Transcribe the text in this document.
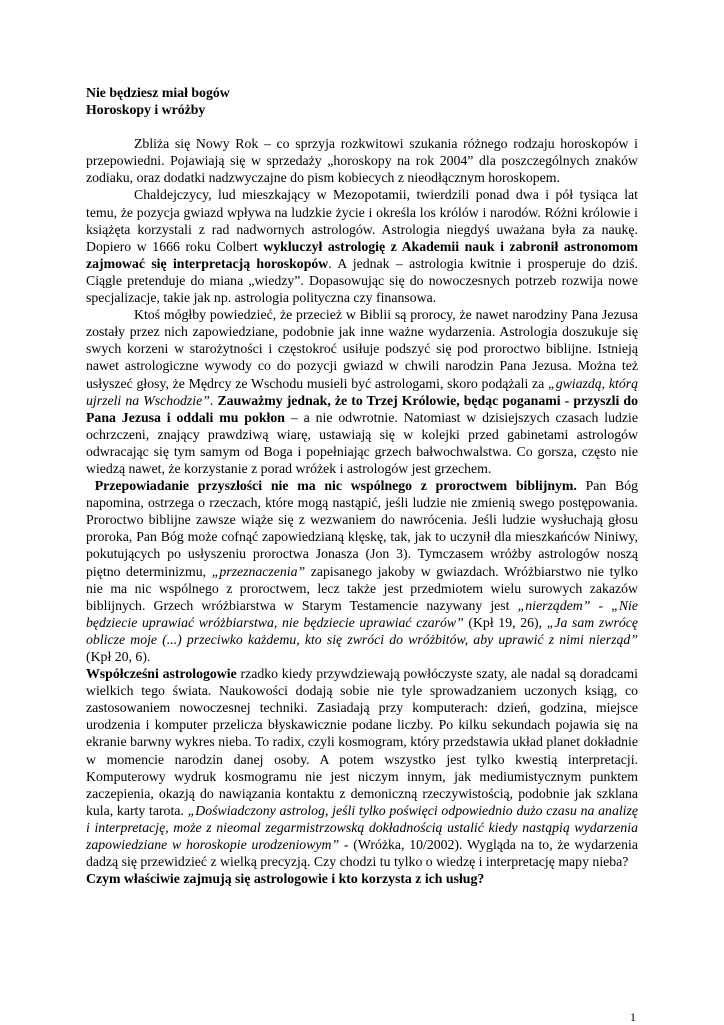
Nie będziesz miał bogów

Horoskopy i wróżby

Zbliża się Nowy Rok – co sprzyja rozkwitowi szukania różnego rodzaju horoskopów i przepowiedni. Pojawiają się w sprzedaży „horoskopy na rok 2004” dla poszczególnych znaków zodiaku, oraz dodatki nadzwyczajne do pism kobiecych z nieodłącznym horoskopem.

Chaldejczycy, lud mieszkający w Mezopotamii, twierdzili ponad dwa i pół tysiąca lat temu, że pozycja gwiazd wpływa na ludzkie życie i określa los królów i narodów. Różni królowie i książęta korzystali z rad nadwornych astrologów. Astrologia niegdyś uważana była za naukę. Dopiero w 1666 roku Colbert wykluczył astrologię z Akademii nauk i zabronił astronomom zajmować się interpretacją horoskopów. A jednak – astrologia kwitnie i prosperuje do dziś. Ciągle pretenduje do miana „wiedzy”. Dopasowując się do nowoczesnych potrzeb rozwija nowe specjalizacje, takie jak np. astrologia polityczna czy finansowa.

Ktoś mógłby powiedzieć, że przecież w Biblii są prorocy, że nawet narodziny Pana Jezusa zostały przez nich zapowiedziane, podobnie jak inne ważne wydarzenia. Astrologia doszukuje się swych korzeni w starożytności i częstokroć usiłuje podszyć się pod proroctwo biblijne. Istnieją nawet astrologiczne wywody co do pozycji gwiazd w chwili narodzin Pana Jezusa. Można też usłyszeć głosy, że Mędrcy ze Wschodu musieli być astrologami, skoro podążali za „gwiazdą, którą ujrzeli na Wschodzie”. Zauważmy jednak, że to Trzej Królowie, będąc poganami - przyszli do Pana Jezusa i oddali mu pokłon – a nie odwrotnie. Natomiast w dzisiejszych czasach ludzie ochrzczeni, znający prawdziwą wiarę, ustawiają się w kolejki przed gabinetami astrologów odwracając się tym samym od Boga i popełniając grzech bałwochwalstwa. Co gorsza, często nie wiedzą nawet, że korzystanie z porad wróżek i astrologów jest grzechem.

Przepowiadanie przyszłości nie ma nic wspólnego z proroctwem biblijnym. Pan Bóg napomina, ostrzega o rzeczach, które mogą nastąpić, jeśli ludzie nie zmienią swego postępowania. Proroctwo biblijne zawsze wiąże się z wezwaniem do nawrócenia. Jeśli ludzie wysłuchają głosu proroka, Pan Bóg może cofnąć zapowiedzianą klęskę, tak, jak to uczynił dla mieszkańców Niniwy, pokutujących po usłyszeniu proroctwa Jonasza (Jon 3). Tymczasem wróżby astrologów noszą piętno determinizmu, „przeznaczenia” zapisanego jakoby w gwiazdach. Wróżbiarstwo nie tylko nie ma nic wspólnego z proroctwem, lecz także jest przedmiotem wielu surowych zakazów biblijnych. Grzech wróżbiarstwa w Starym Testamencie nazywany jest „nierządem” - „Nie będziecie uprawiać wróżbiarstwa, nie będziecie uprawiać czarów” (Kpł 19, 26), „Ja sam zwrócę oblicze moje (...) przeciwko każdemu, kto się zwróci do wróżbitów, aby uprawić z nimi nierząd” (Kpł 20, 6).

Współcześni astrologowie rzadko kiedy przywdziewają powłóczyste szaty, ale nadal są doradcami wielkich tego świata. Naukowości dodają sobie nie tyle sprowadzaniem uczonych ksiąg, co zastosowaniem nowoczesnej techniki. Zasiadają przy komputerach: dzień, godzina, miejsce urodzenia i komputer przelicza błyskawicznie podane liczby. Po kilku sekundach pojawia się na ekranie barwny wykres nieba. To radix, czyli kosmogram, który przedstawia układ planet dokładnie w momencie narodzin danej osoby. A potem wszystko jest tylko kwestią interpretacji. Komputerowy wydruk kosmogramu nie jest niczym innym, jak mediumistycznym punktem zaczepienia, okazją do nawiązania kontaktu z demoniczną rzeczywistością, podobnie jak szklana kula, karty tarota. „Doświadczony astrolog, jeśli tylko poświęci odpowiednio dużo czasu na analizę i interpretację, może z nieomal zegarmistrzowską dokładnością ustalić kiedy nastąpią wydarzenia zapowiedziane w horoskopie urodzeniowym” - (Wróżka, 10/2002). Wygląda na to, że wydarzenia dadzą się przewidzieć z wielką precyzją. Czy chodzi tu tylko o wiedzę i interpretację mapy nieba?

Czym właściwie zajmują się astrologowie i kto korzysta z ich usług?

1
